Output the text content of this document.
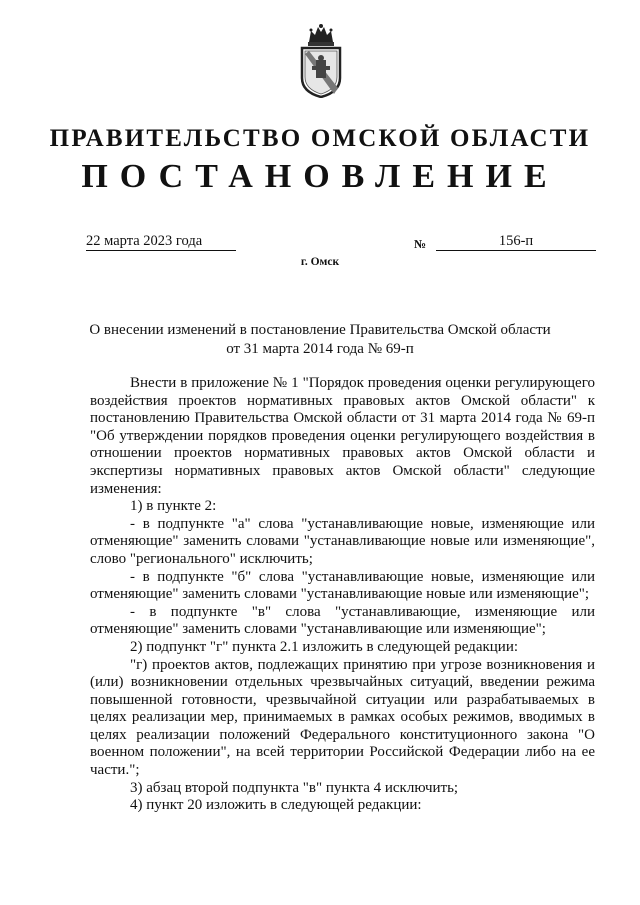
ПРАВИТЕЛЬСТВО ОМСКОЙ ОБЛАСТИ
ПОСТАНОВЛЕНИЕ
22 марта 2023 года	№	156-п
г. Омск
О внесении изменений в постановление Правительства Омской области
от 31 марта 2014 года № 69-п

Внести в приложение № 1 "Порядок проведения оценки регулирующего воздействия проектов нормативных правовых актов Омской области" к постановлению Правительства Омской области от 31 марта 2014 года № 69-п "Об утверждении порядков проведения оценки регулирующего воздействия в отношении проектов нормативных правовых актов Омской области и экспертизы нормативных правовых актов Омской области" следующие изменения:

1) в пункте 2:

- в подпункте "а" слова "устанавливающие новые, изменяющие или отменяющие" заменить словами "устанавливающие новые или изменяющие", слово "регионального" исключить;

- в подпункте "б" слова "устанавливающие новые, изменяющие или отменяющие" заменить словами "устанавливающие новые или изменяющие";

- в подпункте "в" слова "устанавливающие, изменяющие или отменяющие" заменить словами "устанавливающие или изменяющие";

2) подпункт "г" пункта 2.1 изложить в следующей редакции:

"г) проектов актов, подлежащих принятию при угрозе возникновения и (или) возникновении отдельных чрезвычайных ситуаций, введении режима повышенной готовности, чрезвычайной ситуации или разрабатываемых в целях реализации мер, принимаемых в рамках особых режимов, вводимых в целях реализации положений Федерального конституционного закона "О военном положении", на всей территории Российской Федерации либо на ее части.";

3) абзац второй подпункта "в" пункта 4 исключить;

4) пункт 20 изложить в следующей редакции:
